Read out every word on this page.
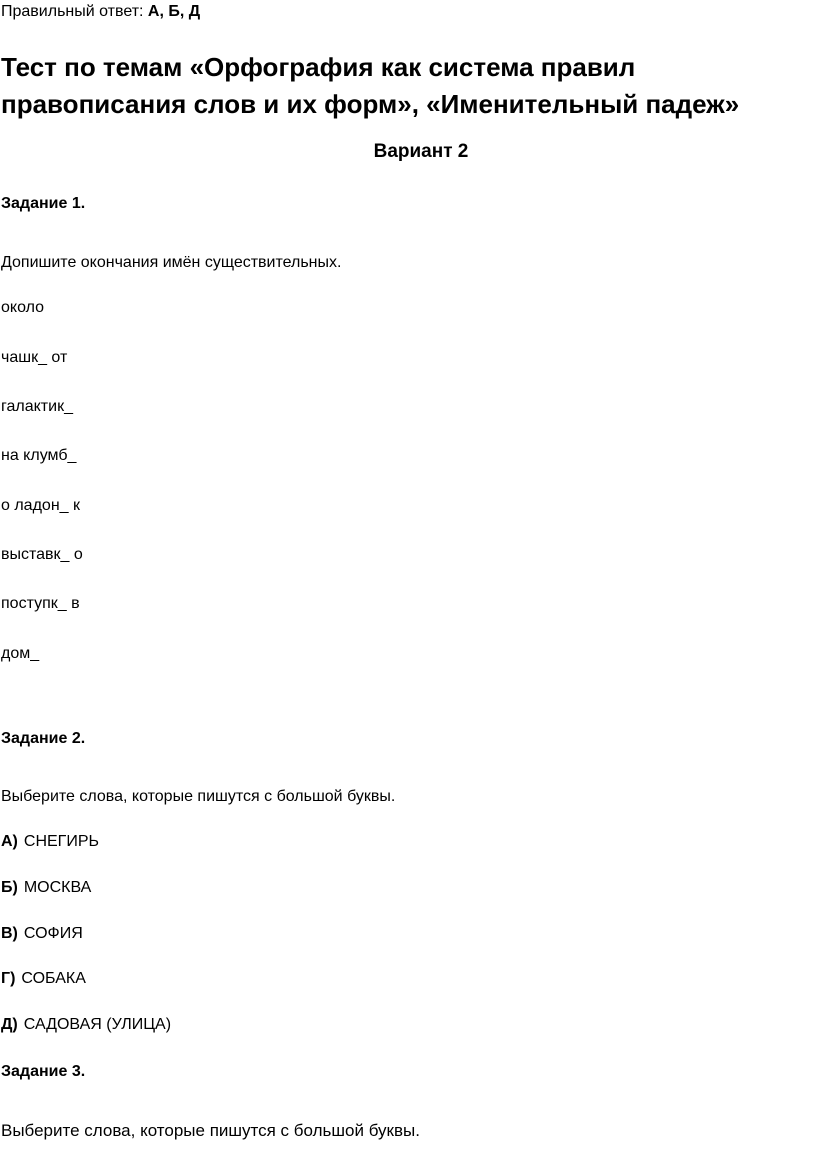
Правильный ответ: А, Б, Д
Тест по темам «Орфография как система правил правописания слов и их форм», «Именительный падеж»
Вариант 2
Задание 1.
Допишите окончания имён существительных.
около
чашк_ от
галактик_
на клумб_
о ладон_ к
выставк_ о
поступк_ в
дом_
Задание 2.
Выберите слова, которые пишутся с большой буквы.
А) СНЕГИРЬ
Б) МОСКВА
В) СОФИЯ
Г) СОБАКА
Д) САДОВАЯ (УЛИЦА)
Задание 3.
Выберите слова, которые пишутся с большой буквы.
